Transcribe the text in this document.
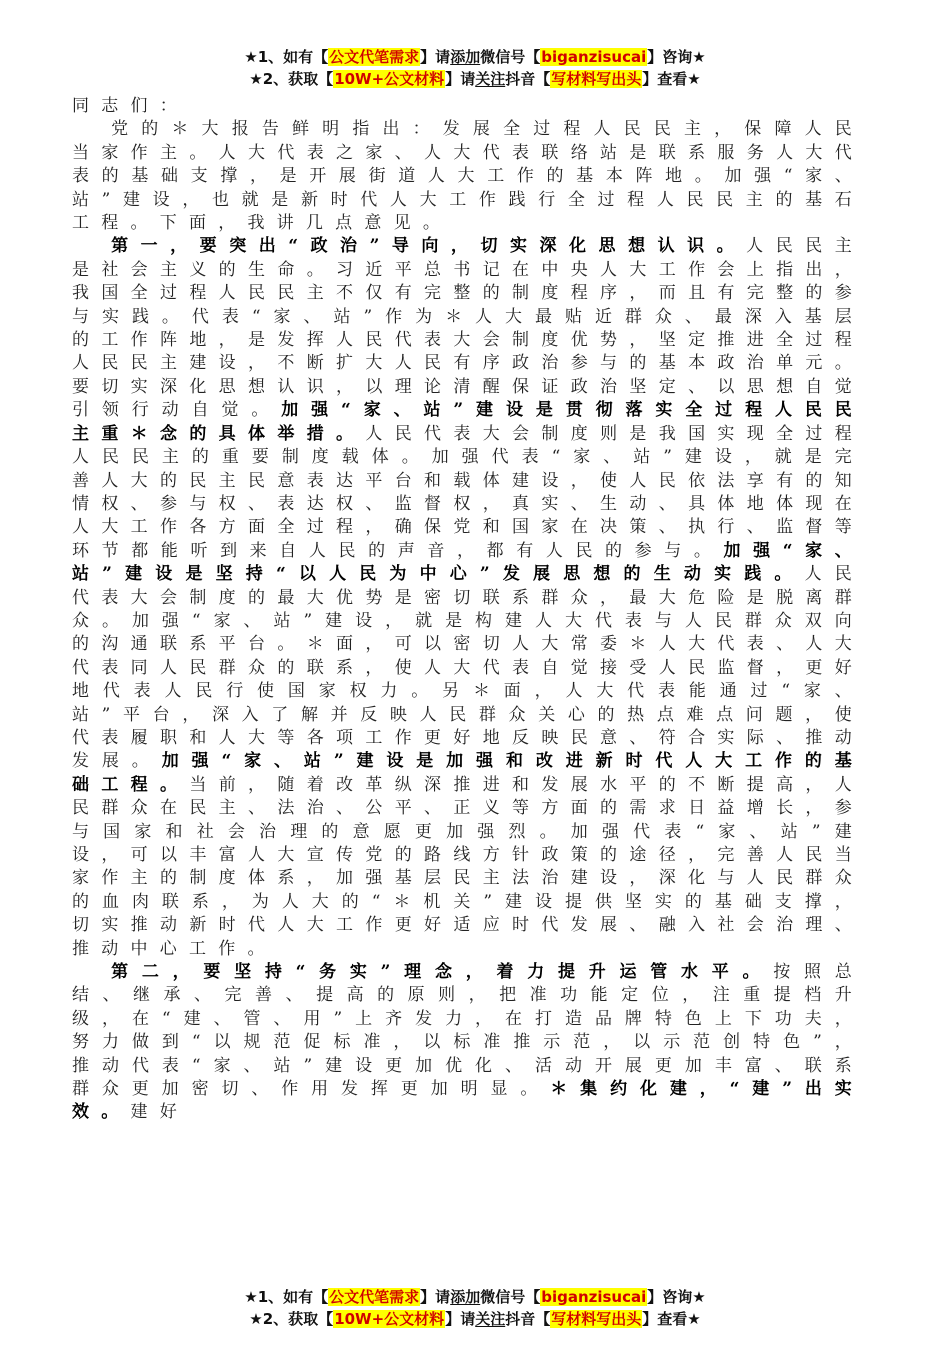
★1、如有【公文代笔需求】请添加微信号【biganzisucai】咨询★
★2、获取【10W+公文材料】请关注抖音【写材料写出头】查看★

同志们：

党的＊大报告鲜明指出：发展全过程人民民主，保障人民当家作主。人大代表之家、人大代表联络站是联系服务人大代表的基础支撑，是开展街道人大工作的基本阵地。加强“家、站”建设，也就是新时代人大工作践行全过程人民民主的基石工程。下面，我讲几点意见。

第一，要突出“政治”导向，切实深化思想认识。人民民主是社会主义的生命。习近平总书记在中央人大工作会上指出，我国全过程人民民主不仅有完整的制度程序，而且有完整的参与实践。代表“家、站”作为＊人大最贴近群众、最深入基层的工作阵地，是发挥人民代表大会制度优势，坚定推进全过程人民民主建设，不断扩大人民有序政治参与的基本政治单元。要切实深化思想认识，以理论清醒保证政治坚定、以思想自觉引领行动自觉。加强“家、站”建设是贯彻落实全过程人民民主重＊念的具体举措。人民代表大会制度则是我国实现全过程人民民主的重要制度载体。加强代表“家、站”建设，就是完善人大的民主民意表达平台和载体建设，使人民依法享有的知情权、参与权、表达权、监督权，真实、生动、具体地体现在人大工作各方面全过程，确保党和国家在决策、执行、监督等环节都能听到来自人民的声音，都有人民的参与。加强“家、站”建设是坚持“以人民为中心”发展思想的生动实践。人民代表大会制度的最大优势是密切联系群众，最大危险是脱离群众。加强“家、站”建设，就是构建人大代表与人民群众双向的沟通联系平台。＊面，可以密切人大常委＊人大代表、人大代表同人民群众的联系，使人大代表自觉接受人民监督，更好地代表人民行使国家权力。另＊面，人大代表能通过“家、站”平台，深入了解并反映人民群众关心的热点难点问题，使代表履职和人大等各项工作更好地反映民意、符合实际、推动发展。加强“家、站”建设是加强和改进新时代人大工作的基础工程。当前，随着改革纵深推进和发展水平的不断提高，人民群众在民主、法治、公平、正义等方面的需求日益增长，参与国家和社会治理的意愿更加强烈。加强代表“家、站”建设，可以丰富人大宣传党的路线方针政策的途径，完善人民当家作主的制度体系，加强基层民主法治建设，深化与人民群众的血肉联系，为人大的“＊机关”建设提供坚实的基础支撑，切实推动新时代人大工作更好适应时代发展、融入社会治理、推动中心工作。

第二，要坚持“务实”理念，着力提升运管水平。按照总结、继承、完善、提高的原则，把准功能定位，注重提档升级，在“建、管、用”上齐发力，在打造品牌特色上下功夫，努力做到“以规范促标准，以标准推示范，以示范创特色”，推动代表“家、站”建设更加优化、活动开展更加丰富、联系群众更加密切、作用发挥更加明显。＊集约化建，“建”出实效。建好

★1、如有【公文代笔需求】请添加微信号【biganzisucai】咨询★
★2、获取【10W+公文材料】请关注抖音【写材料写出头】查看★
